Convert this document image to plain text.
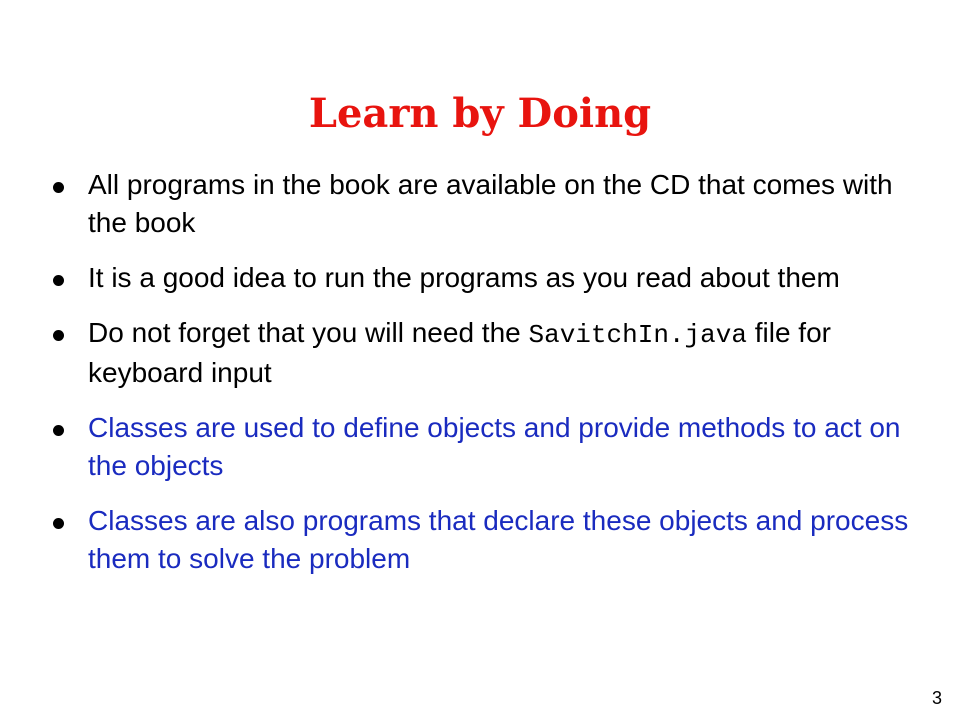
Learn by Doing
All programs in the book are available on the CD that comes with the book
It is a good idea to run the programs as you read about them
Do not forget that you will need the SavitchIn.java file for keyboard input
Classes are used to define objects and provide methods to act on the objects
Classes are also programs that declare these objects and process them to solve the problem
3
